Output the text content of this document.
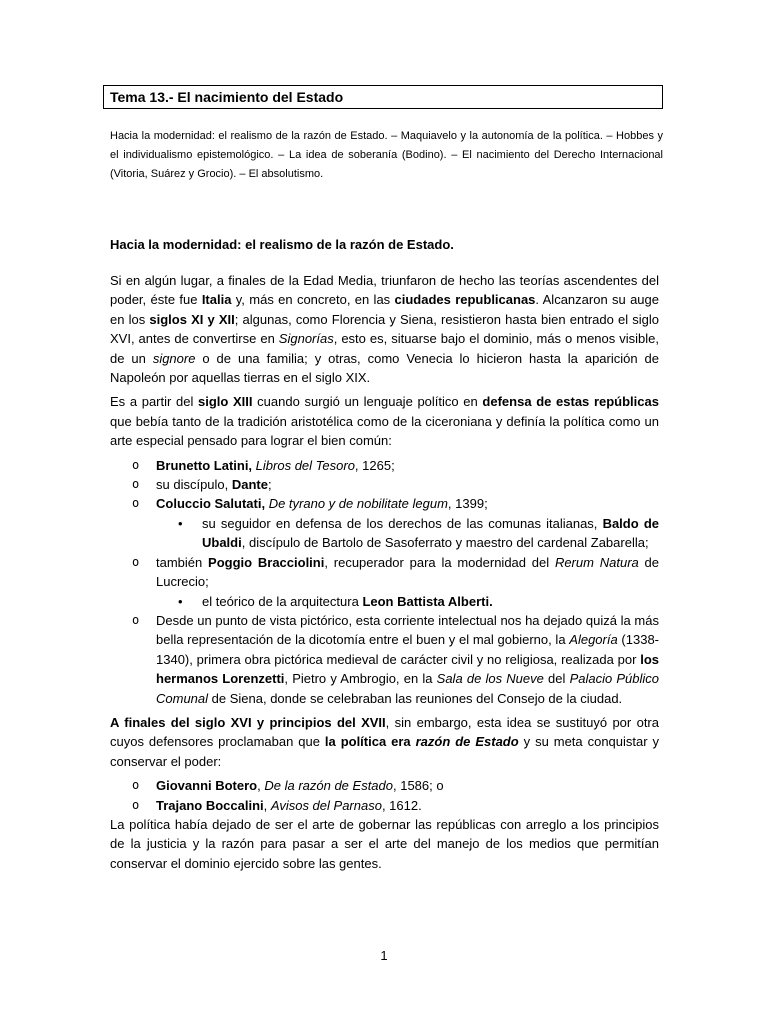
Tema 13.- El nacimiento del Estado
Hacia la modernidad: el realismo de la razón de Estado. – Maquiavelo y la autonomía de la política. – Hobbes y el individualismo epistemológico. – La idea de soberanía (Bodino). – El nacimiento del Derecho Internacional (Vitoria, Suárez y Grocio). – El absolutismo.
Hacia la modernidad: el realismo de la razón de Estado.

Si en algún lugar, a finales de la Edad Media, triunfaron de hecho las teorías ascendentes del poder, éste fue Italia y, más en concreto, en las ciudades republicanas. Alcanzaron su auge en los siglos XI y XII; algunas, como Florencia y Siena, resistieron hasta bien entrado el siglo XVI, antes de convertirse en Signorías, esto es, situarse bajo el dominio, más o menos visible, de un signore o de una familia; y otras, como Venecia lo hicieron hasta la aparición de Napoleón por aquellas tierras en el siglo XIX.

Es a partir del siglo XIII cuando surgió un lenguaje político en defensa de estas repúblicas que bebía tanto de la tradición aristotélica como de la ciceroniana y definía la política como un arte especial pensado para lograr el bien común:

o Brunetto Latini, Libros del Tesoro, 1265;
o su discípulo, Dante;
o Coluccio Salutati, De tyrano y de nobilitate legum, 1399;
• su seguidor en defensa de los derechos de las comunas italianas, Baldo de Ubaldi, discípulo de Bartolo de Sasoferrato y maestro del cardenal Zabarella;
o también Poggio Bracciolini, recuperador para la modernidad del Rerum Natura de Lucrecio;
• el teórico de la arquitectura Leon Battista Alberti.
o Desde un punto de vista pictórico, esta corriente intelectual nos ha dejado quizá la más bella representación de la dicotomía entre el buen y el mal gobierno, la Alegoría (1338-1340), primera obra pictórica medieval de carácter civil y no religiosa, realizada por los hermanos Lorenzetti, Pietro y Ambrogio, en la Sala de los Nueve del Palacio Público Comunal de Siena, donde se celebraban las reuniones del Consejo de la ciudad.

A finales del siglo XVI y principios del XVII, sin embargo, esta idea se sustituyó por otra cuyos defensores proclamaban que la política era razón de Estado y su meta conquistar y conservar el poder:

o Giovanni Botero, De la razón de Estado, 1586; o
o Trajano Boccalini, Avisos del Parnaso, 1612.

La política había dejado de ser el arte de gobernar las repúblicas con arreglo a los principios de la justicia y la razón para pasar a ser el arte del manejo de los medios que permitían conservar el dominio ejercido sobre las gentes.

1
